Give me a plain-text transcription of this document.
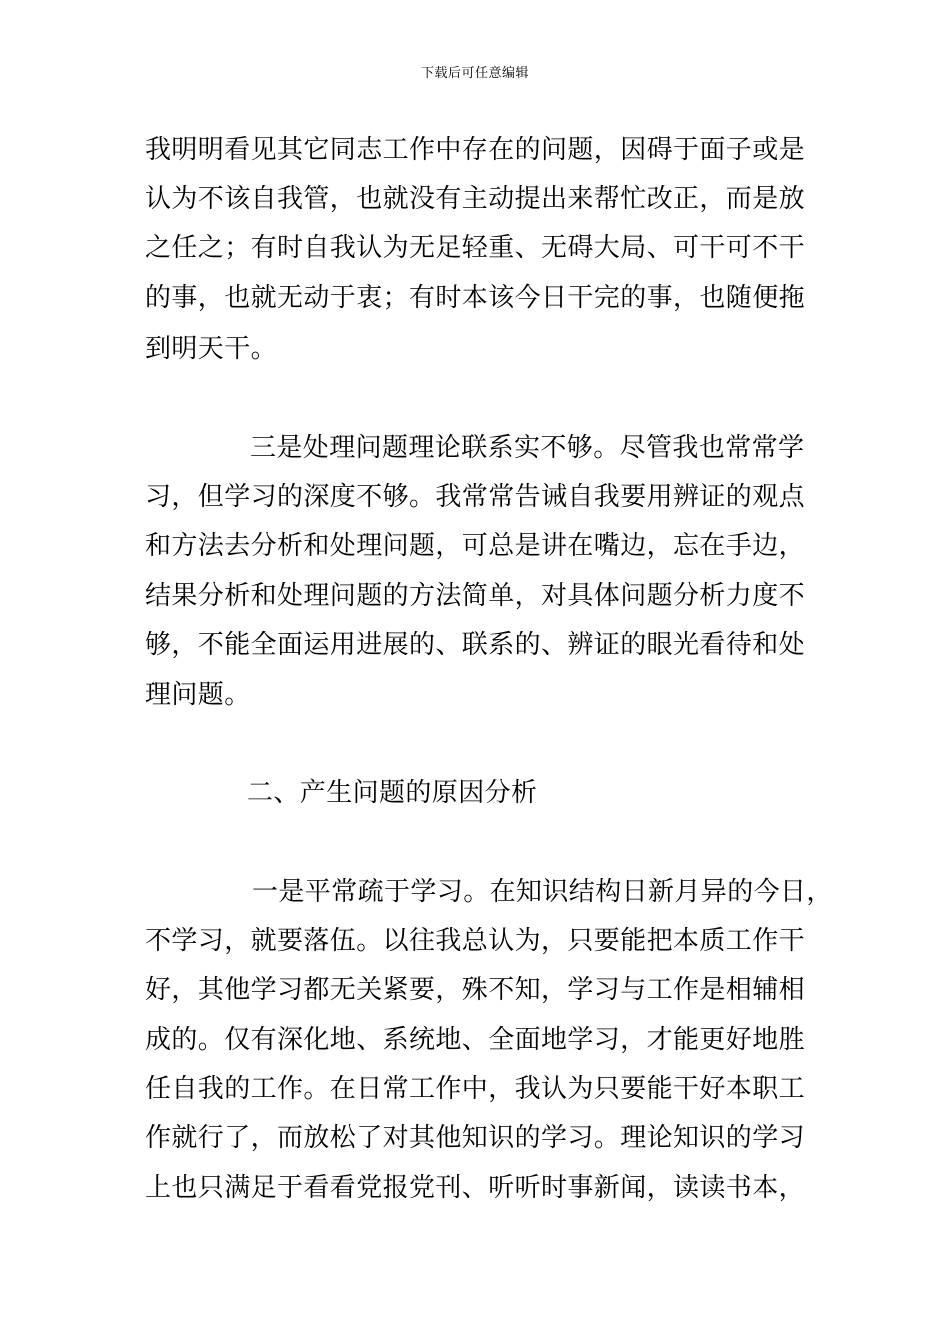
下载后可任意编辑
我明明看见其它同志工作中存在的问题，因碍于面子或是
认为不该自我管，也就没有主动提出来帮忙改正，而是放
之任之；有时自我认为无足轻重、无碍大局、可干可不干
的事，也就无动于衷；有时本该今日干完的事，也随便拖
到明天干。
三是处理问题理论联系实不够。尽管我也常常学
习，但学习的深度不够。我常常告诫自我要用辨证的观点
和方法去分析和处理问题，可总是讲在嘴边，忘在手边，
结果分析和处理问题的方法简单，对具体问题分析力度不
够，不能全面运用进展的、联系的、辨证的眼光看待和处
理问题。
二、产生问题的原因分析
一是平常疏于学习。在知识结构日新月异的今日，
不学习，就要落伍。以往我总认为，只要能把本质工作干
好，其他学习都无关紧要，殊不知，学习与工作是相辅相
成的。仅有深化地、系统地、全面地学习，才能更好地胜
任自我的工作。在日常工作中，我认为只要能干好本职工
作就行了，而放松了对其他知识的学习。理论知识的学习
上也只满足于看看党报党刊、听听时事新闻，读读书本，
